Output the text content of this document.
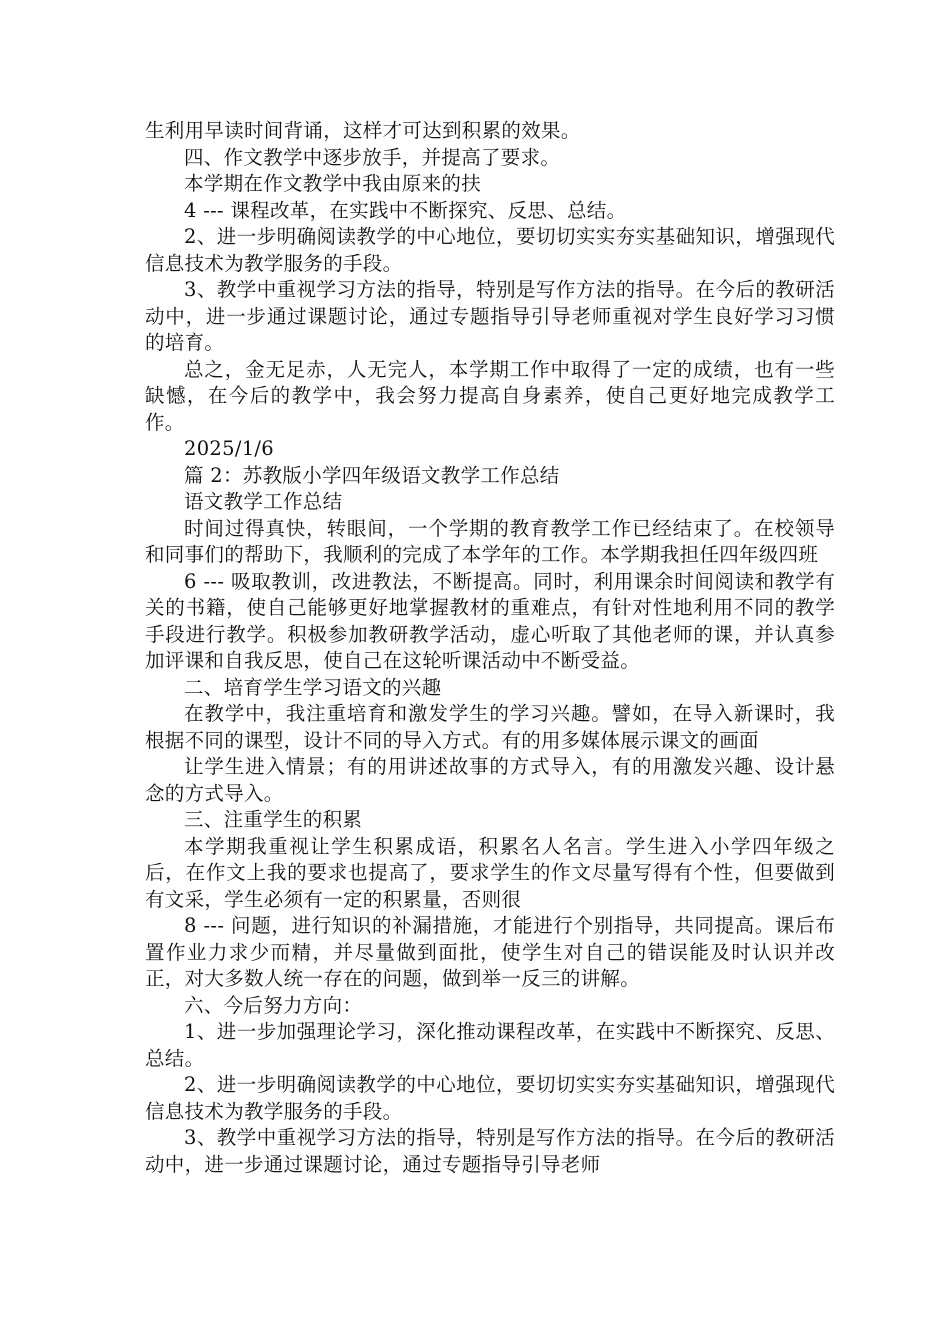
生利用早读时间背诵，这样才可达到积累的效果。

四、作文教学中逐步放手，并提高了要求。

本学期在作文教学中我由原来的扶

4 --- 课程改革，在实践中不断探究、反思、总结。

2、进一步明确阅读教学的中心地位，要切切实实夯实基础知识，增强现代信息技术为教学服务的手段。

3、教学中重视学习方法的指导，特别是写作方法的指导。在今后的教研活动中，进一步通过课题讨论，通过专题指导引导老师重视对学生良好学习习惯的培育。

总之，金无足赤，人无完人，本学期工作中取得了一定的成绩，也有一些缺憾，在今后的教学中，我会努力提高自身素养，使自己更好地完成教学工作。

2025/1/6

篇 2：苏教版小学四年级语文教学工作总结

语文教学工作总结

时间过得真快，转眼间，一个学期的教育教学工作已经结束了。在校领导和同事们的帮助下，我顺利的完成了本学年的工作。本学期我担任四年级四班

6 --- 吸取教训，改进教法，不断提高。同时，利用课余时间阅读和教学有关的书籍，使自己能够更好地掌握教材的重难点，有针对性地利用不同的教学手段进行教学。积极参加教研教学活动，虚心听取了其他老师的课，并认真参加评课和自我反思，使自己在这轮听课活动中不断受益。

二、培育学生学习语文的兴趣

在教学中，我注重培育和激发学生的学习兴趣。譬如，在导入新课时，我根据不同的课型，设计不同的导入方式。有的用多媒体展示课文的画面

让学生进入情景；有的用讲述故事的方式导入，有的用激发兴趣、设计悬念的方式导入。

三、注重学生的积累

本学期我重视让学生积累成语，积累名人名言。学生进入小学四年级之后，在作文上我的要求也提高了，要求学生的作文尽量写得有个性，但要做到有文采，学生必须有一定的积累量，否则很

8 --- 问题，进行知识的补漏措施，才能进行个别指导，共同提高。课后布置作业力求少而精，并尽量做到面批，使学生对自己的错误能及时认识并改正，对大多数人统一存在的问题，做到举一反三的讲解。

六、今后努力方向：

1、进一步加强理论学习，深化推动课程改革，在实践中不断探究、反思、总结。

2、进一步明确阅读教学的中心地位，要切切实实夯实基础知识，增强现代信息技术为教学服务的手段。

3、教学中重视学习方法的指导，特别是写作方法的指导。在今后的教研活动中，进一步通过课题讨论，通过专题指导引导老师
